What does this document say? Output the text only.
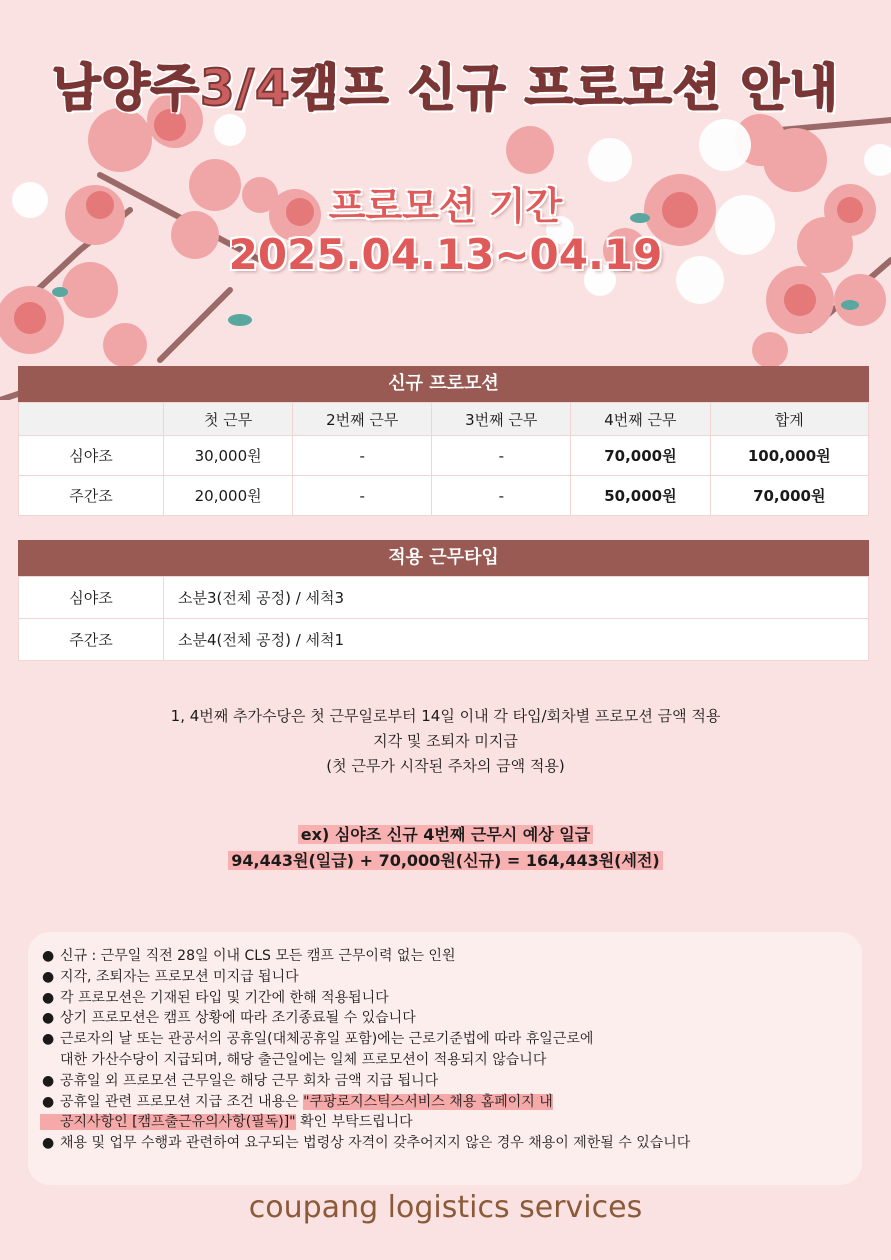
남양주3/4캠프 신규 프로모션 안내
프로모션 기간
2025.04.13~04.19
신규 프로모션
	첫 근무	2번째 근무	3번째 근무	4번째 근무	합계
심야조	30,000원	-	-	70,000원	100,000원
주간조	20,000원	-	-	50,000원	70,000원
적용 근무타입
심야조	소분3(전체 공정) / 세척3
주간조	소분4(전체 공정) / 세척1
1, 4번째 추가수당은 첫 근무일로부터 14일 이내 각 타입/회차별 프로모션 금액 적용
지각 및 조퇴자 미지급
(첫 근무가 시작된 주차의 금액 적용)
ex) 심야조 신규 4번째 근무시 예상 일급
94,443원(일급) + 70,000원(신규) = 164,443원(세전)
● 신규 : 근무일 직전 28일 이내 CLS 모든 캠프 근무이력 없는 인원
● 지각, 조퇴자는 프로모션 미지급 됩니다
● 각 프로모션은 기재된 타입 및 기간에 한해 적용됩니다
● 상기 프로모션은 캠프 상황에 따라 조기종료될 수 있습니다
● 근로자의 날 또는 관공서의 공휴일(대체공휴일 포함)에는 근로기준법에 따라 휴일근로에
대한 가산수당이 지급되며, 해당 출근일에는 일체 프로모션이 적용되지 않습니다
● 공휴일 외 프로모션 근무일은 해당 근무 회차 금액 지급 됩니다
● 공휴일 관련 프로모션 지급 조건 내용은 "쿠팡로지스틱스서비스 채용 홈페이지 내
공지사항인 [캠프출근유의사항(필독)]" 확인 부탁드립니다
● 채용 및 업무 수행과 관련하여 요구되는 법령상 자격이 갖추어지지 않은 경우 채용이 제한될 수 있습니다
coupang logistics services
